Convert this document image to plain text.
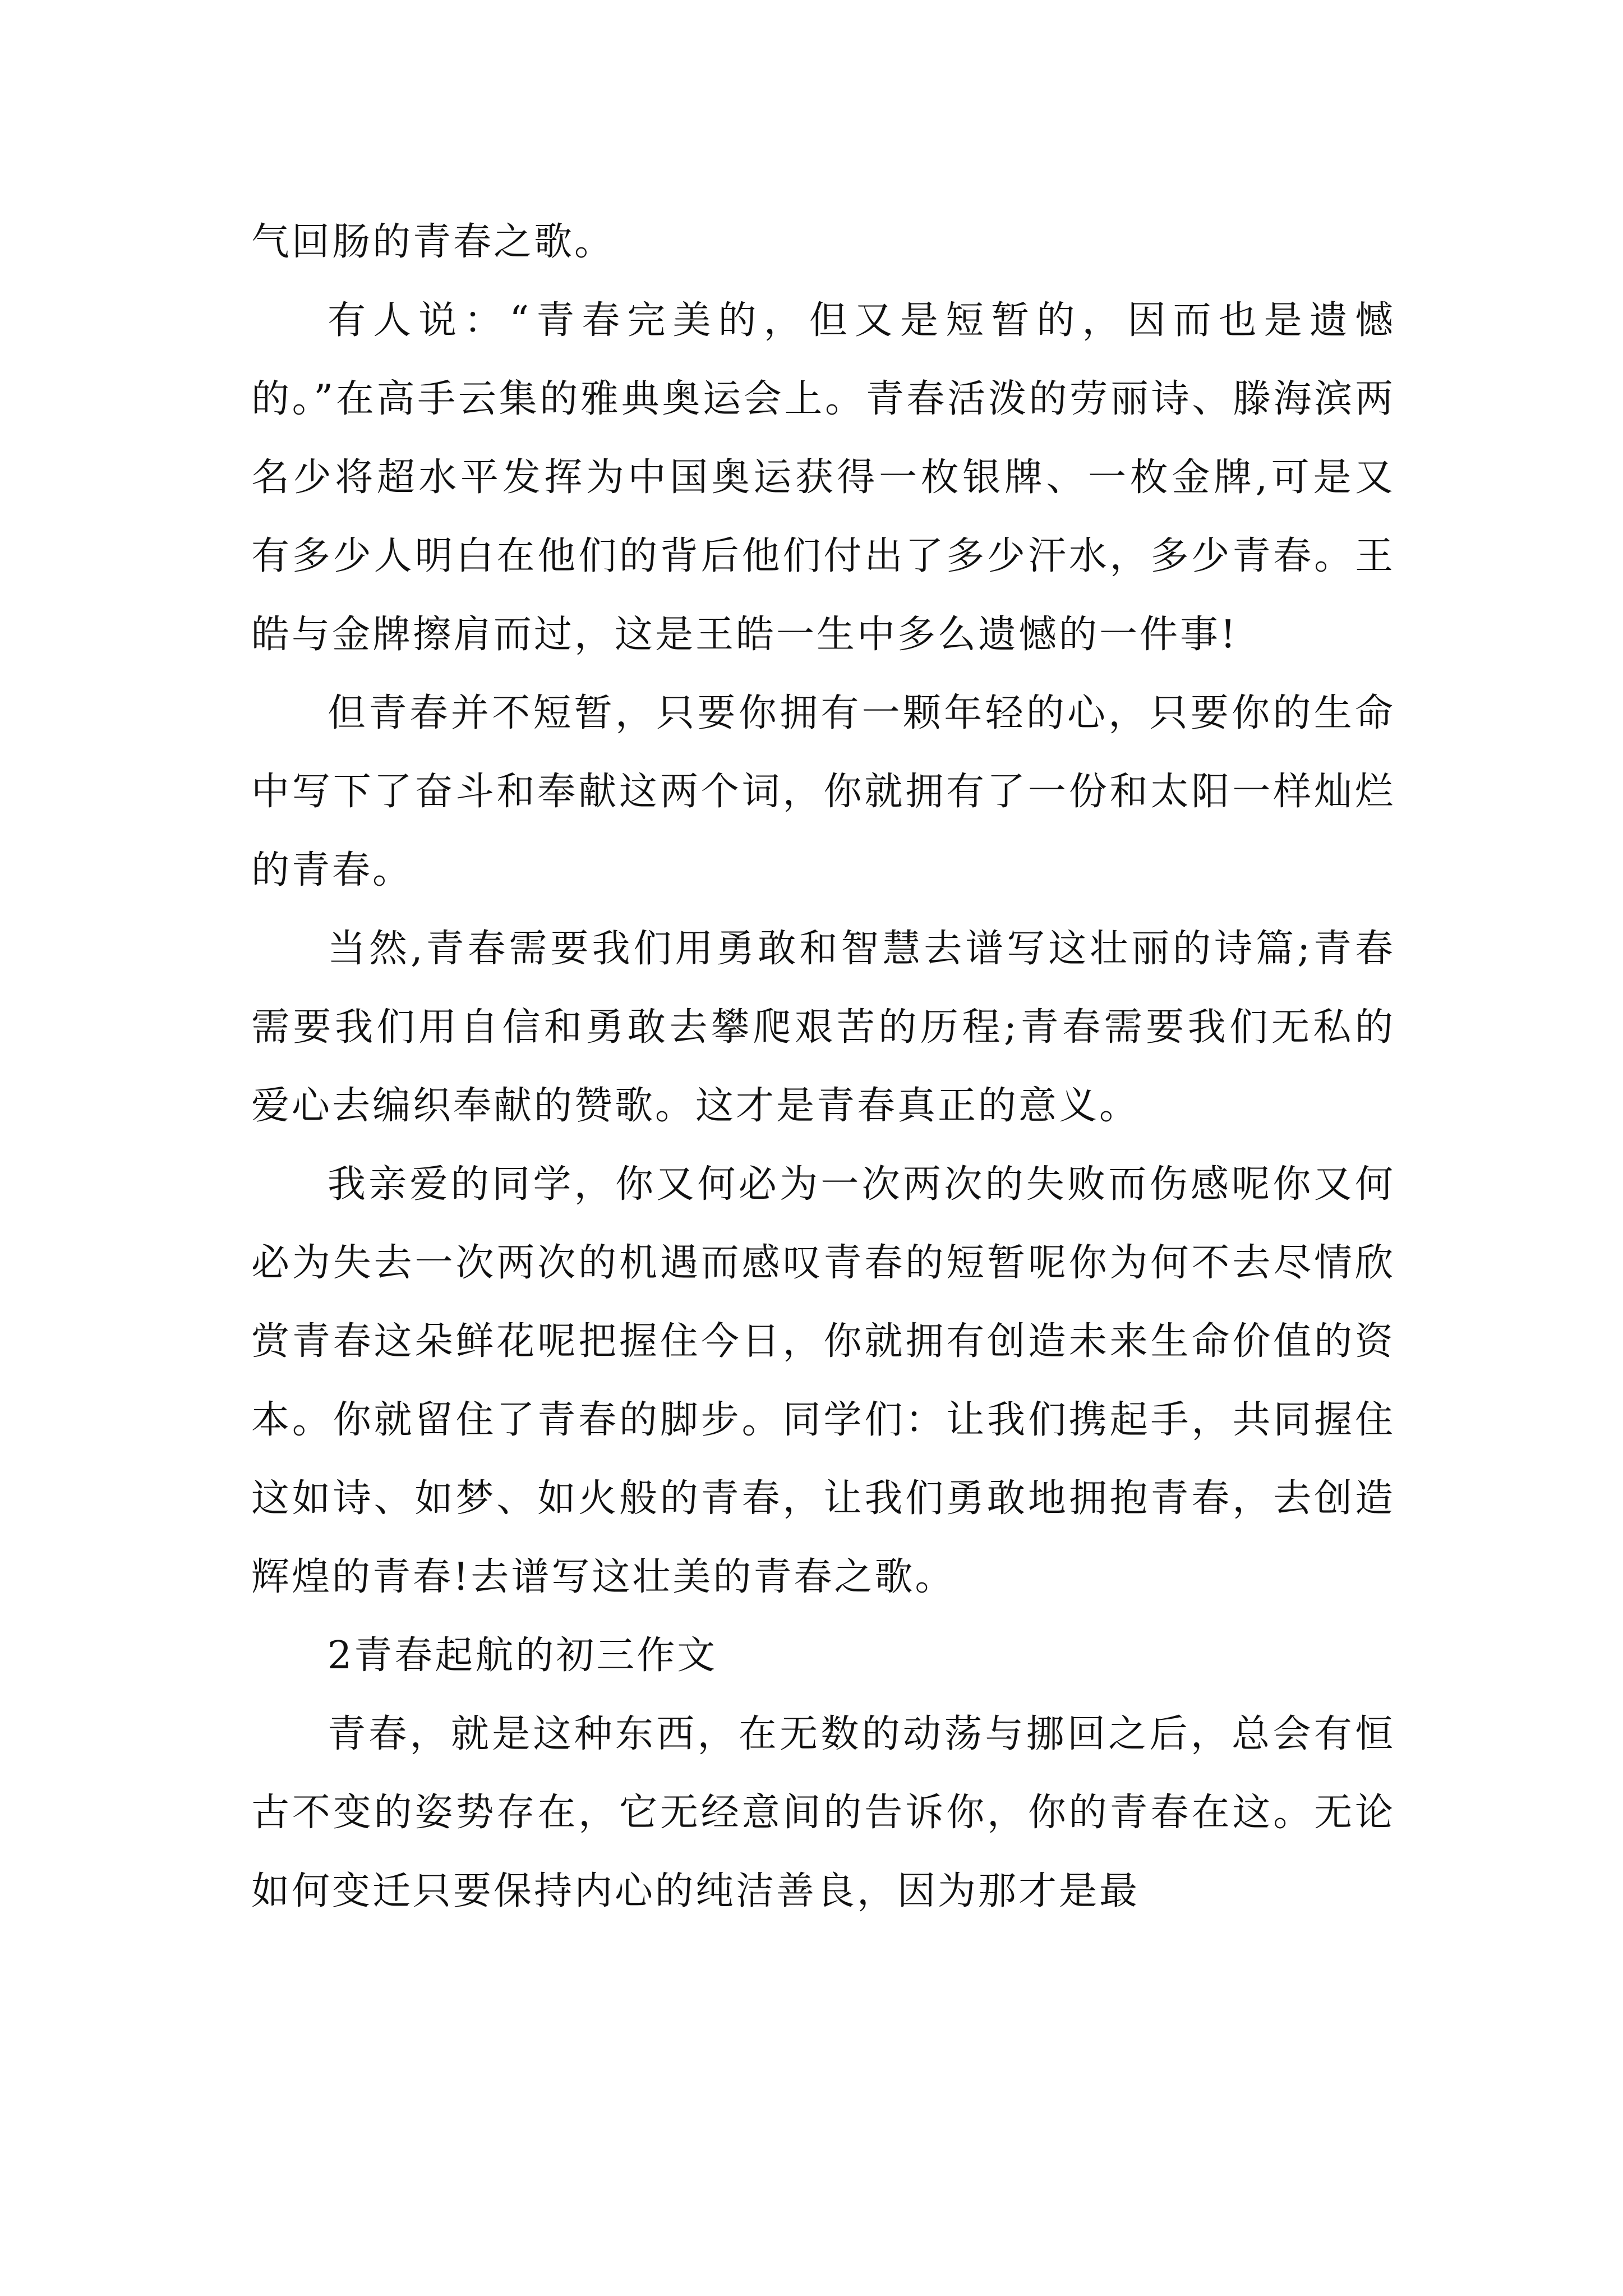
气回肠的青春之歌。

有人说：“青春完美的，但又是短暂的，因而也是遗憾的。”在高手云集的雅典奥运会上。青春活泼的劳丽诗、滕海滨两名少将超水平发挥为中国奥运获得一枚银牌、一枚金牌,可是又有多少人明白在他们的背后他们付出了多少汗水，多少青春。王皓与金牌擦肩而过，这是王皓一生中多么遗憾的一件事!

但青春并不短暂，只要你拥有一颗年轻的心，只要你的生命中写下了奋斗和奉献这两个词，你就拥有了一份和太阳一样灿烂的青春。

当然,青春需要我们用勇敢和智慧去谱写这壮丽的诗篇;青春需要我们用自信和勇敢去攀爬艰苦的历程;青春需要我们无私的爱心去编织奉献的赞歌。这才是青春真正的意义。

我亲爱的同学，你又何必为一次两次的失败而伤感呢你又何必为失去一次两次的机遇而感叹青春的短暂呢你为何不去尽情欣赏青春这朵鲜花呢把握住今日，你就拥有创造未来生命价值的资本。你就留住了青春的脚步。同学们：让我们携起手，共同握住这如诗、如梦、如火般的青春，让我们勇敢地拥抱青春，去创造辉煌的青春!去谱写这壮美的青春之歌。

2青春起航的初三作文

青春，就是这种东西，在无数的动荡与挪回之后，总会有恒古不变的姿势存在，它无经意间的告诉你，你的青春在这。无论如何变迁只要保持内心的纯洁善良，因为那才是最
